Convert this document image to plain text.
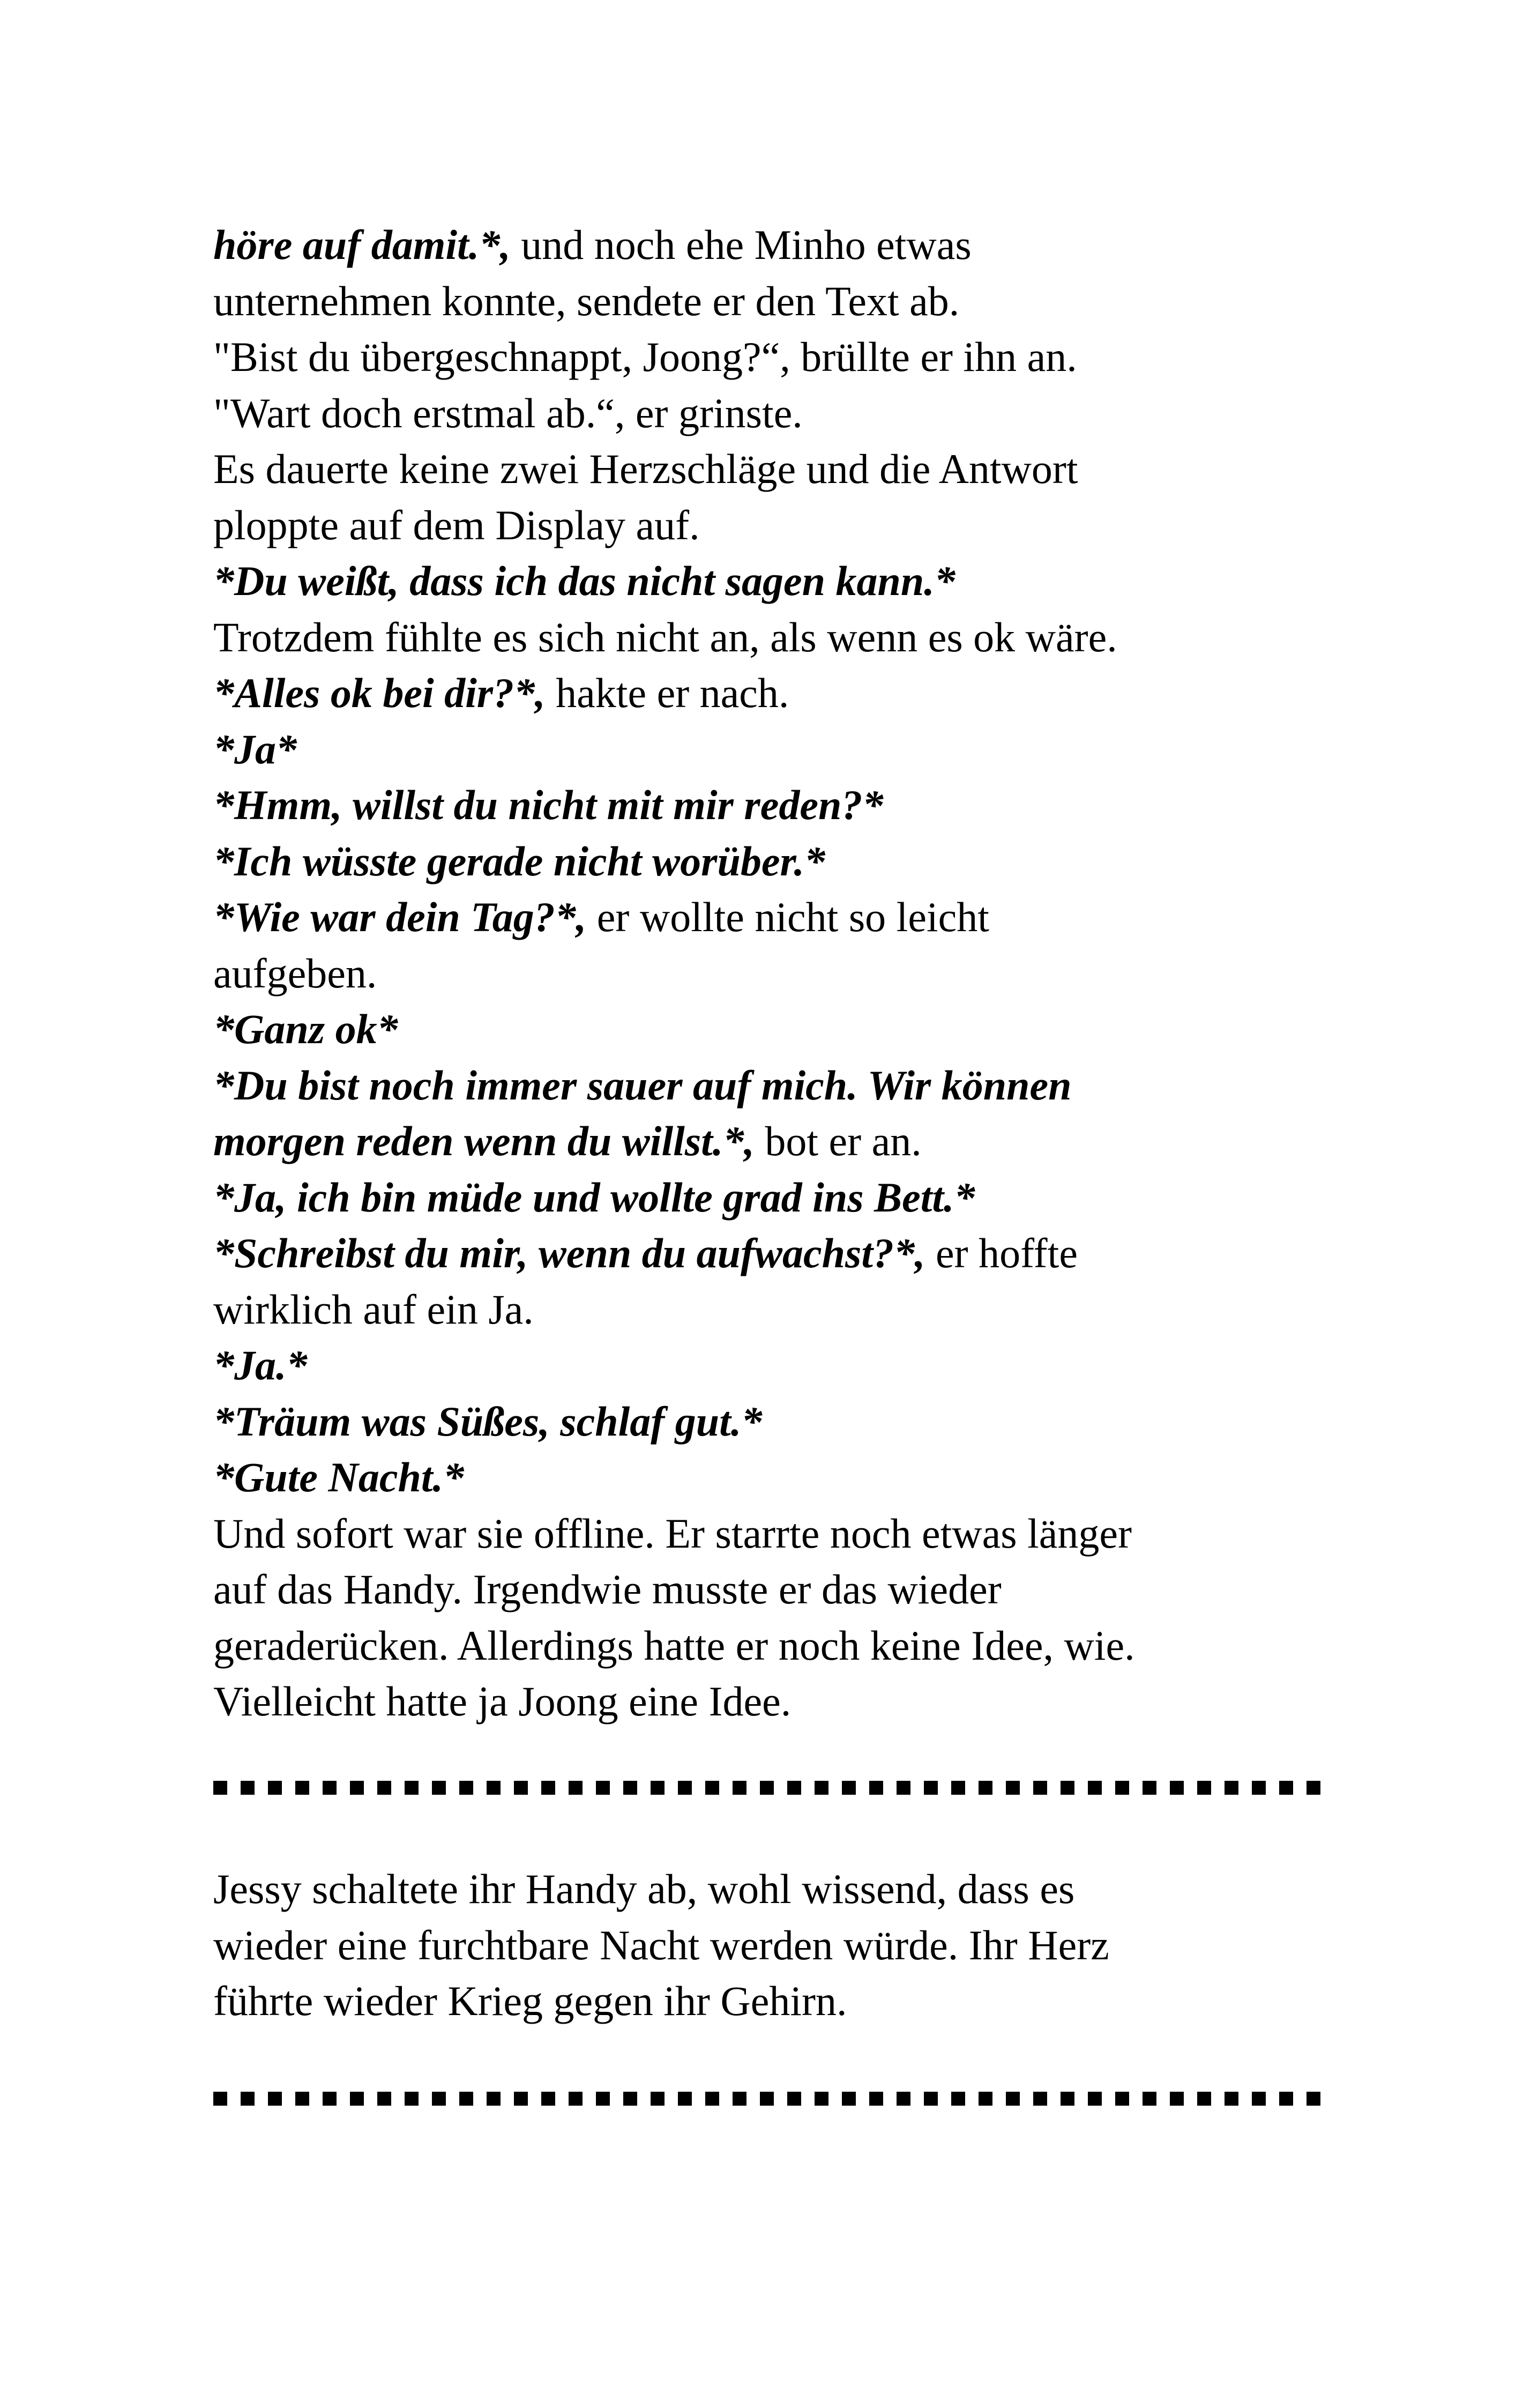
höre auf damit.*, und noch ehe Minho etwas
unternehmen konnte, sendete er den Text ab.
"Bist du übergeschnappt, Joong?“, brüllte er ihn an.
"Wart doch erstmal ab.“, er grinste.
Es dauerte keine zwei Herzschläge und die Antwort
ploppte auf dem Display auf.
*Du weißt, dass ich das nicht sagen kann.*
Trotzdem fühlte es sich nicht an, als wenn es ok wäre.
*Alles ok bei dir?*, hakte er nach.
*Ja*
*Hmm, willst du nicht mit mir reden?*
*Ich wüsste gerade nicht worüber.*
*Wie war dein Tag?*, er wollte nicht so leicht
aufgeben.
*Ganz ok*
*Du bist noch immer sauer auf mich. Wir können
morgen reden wenn du willst.*, bot er an.
*Ja, ich bin müde und wollte grad ins Bett.*
*Schreibst du mir, wenn du aufwachst?*, er hoffte
wirklich auf ein Ja.
*Ja.*
*Träum was Süßes, schlaf gut.*
*Gute Nacht.*
Und sofort war sie offline. Er starrte noch etwas länger
auf das Handy. Irgendwie musste er das wieder
geraderücken. Allerdings hatte er noch keine Idee, wie.
Vielleicht hatte ja Joong eine Idee.
Jessy schaltete ihr Handy ab, wohl wissend, dass es
wieder eine furchtbare Nacht werden würde. Ihr Herz
führte wieder Krieg gegen ihr Gehirn.
